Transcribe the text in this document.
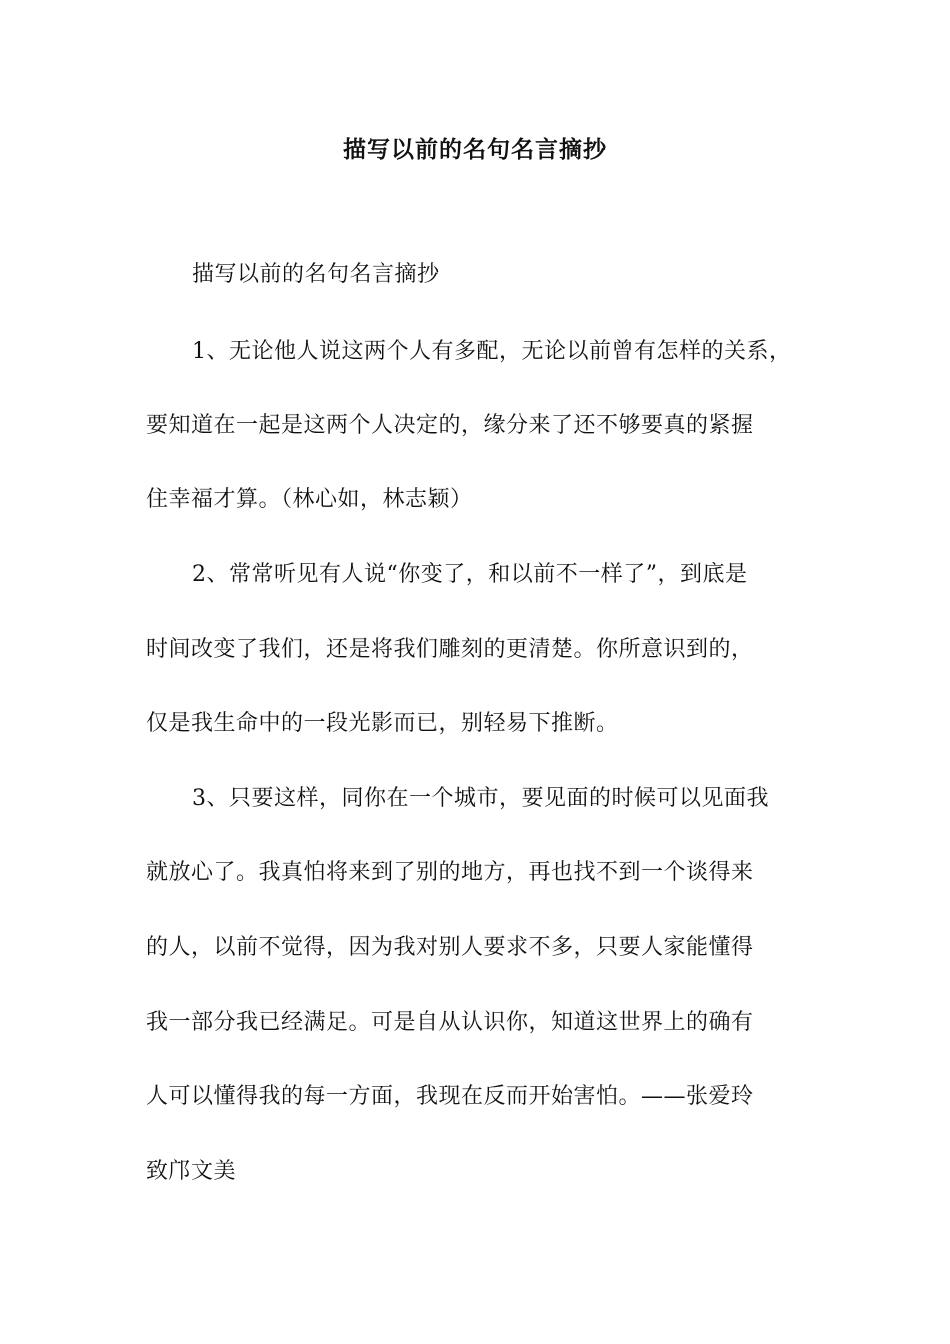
描写以前的名句名言摘抄
描写以前的名句名言摘抄
1、无论他人说这两个人有多配，无论以前曾有怎样的关系，
要知道在一起是这两个人决定的，缘分来了还不够要真的紧握
住幸福才算。（林心如，林志颖）
2、常常听见有人说“你变了，和以前不一样了”，到底是
时间改变了我们，还是将我们雕刻的更清楚。你所意识到的，
仅是我生命中的一段光影而已，别轻易下推断。
3、只要这样，同你在一个城市，要见面的时候可以见面我
就放心了。我真怕将来到了别的地方，再也找不到一个谈得来
的人，以前不觉得，因为我对别人要求不多，只要人家能懂得
我一部分我已经满足。可是自从认识你，知道这世界上的确有
人可以懂得我的每一方面，我现在反而开始害怕。——张爱玲
致邝文美
